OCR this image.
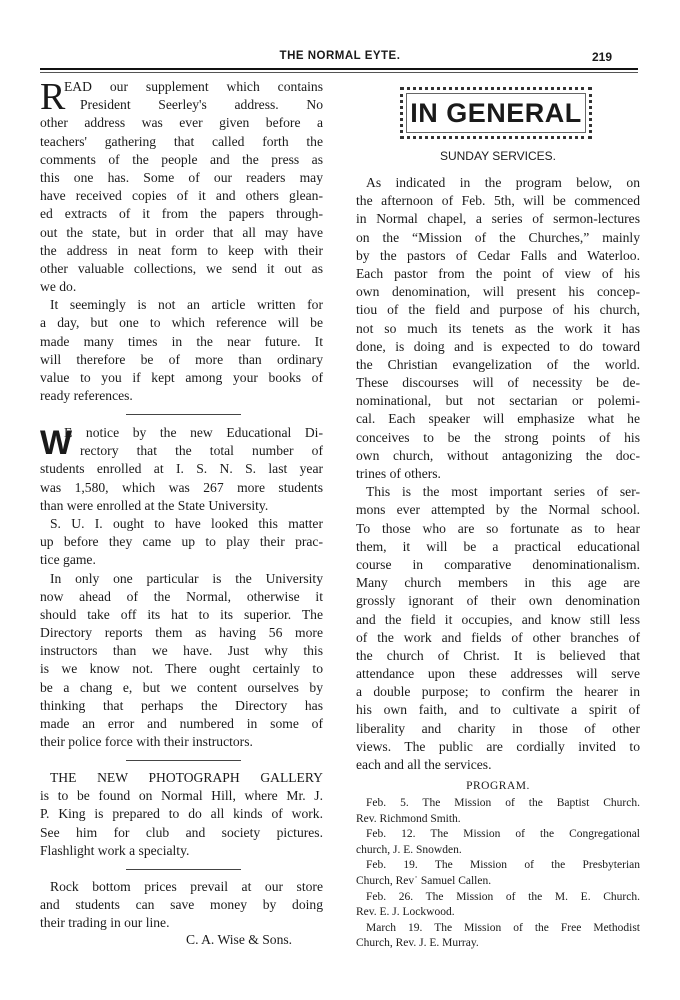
THE NORMAL EYTE.	219
R
EAD our supplement which contains
President Seerley's address. No
other address was ever given before a
teachers' gathering that called forth the
comments of the people and the press as
this one has. Some of our readers may
have received copies of it and others glean-
ed extracts of it from the papers through-
out the state, but in order that all may have
the address in neat form to keep with their
other valuable collections, we send it out as
we do.
It seemingly is not an article written for
a day, but one to which reference will be
made many times in the near future. It
will therefore be of more than ordinary
value to you if kept among your books of
ready references.
W
E notice by the new Educational Di-
rectory that the total number of
students enrolled at I. S. N. S. last year
was 1,580, which was 267 more students
than were enrolled at the State University.
S. U. I. ought to have looked this matter
up before they came up to play their prac-
tice game.
In only one particular is the University
now ahead of the Normal, otherwise it
should take off its hat to its superior. The
Directory reports them as having 56 more
instructors than we have. Just why this
is we know not. There ought certainly to
be a chang e, but we content ourselves by
thinking that perhaps the Directory has
made an error and numbered in some of
their police force with their instructors.
THE NEW PHOTOGRAPH GALLERY
is to be found on Normal Hill, where Mr. J.
P. King is prepared to do all kinds of work.
See him for club and society pictures.
Flashlight work a specialty.
Rock bottom prices prevail at our store
and students can save money by doing
their trading in our line.
C. A. Wise & Sons.
IN GENERAL
SUNDAY SERVICES.
As indicated in the program below, on
the afternoon of Feb. 5th, will be commenced
in Normal chapel, a series of sermon-lectures
on the “Mission of the Churches,” mainly
by the pastors of Cedar Falls and Waterloo.
Each pastor from the point of view of his
own denomination, will present his concep-
tiou of the field and purpose of his church,
not so much its tenets as the work it has
done, is doing and is expected to do toward
the Christian evangelization of the world.
These discourses will of necessity be de-
nominational, but not sectarian or polemi-
cal. Each speaker will emphasize what he
conceives to be the strong points of his
own church, without antagonizing the doc-
trines of others.
This is the most important series of ser-
mons ever attempted by the Normal school.
To those who are so fortunate as to hear
them, it will be a practical educational
course in comparative denominationalism.
Many church members in this age are
grossly ignorant of their own denomination
and the field it occupies, and know still less
of the work and fields of other branches of
the church of Christ. It is believed that
attendance upon these addresses will serve
a double purpose; to confirm the hearer in
his own faith, and to cultivate a spirit of
liberality and charity in those of other
views. The public are cordially invited to
each and all the services.
PROGRAM.
Feb. 5. The Mission of the Baptist Church.
Rev. Richmond Smith.
Feb. 12. The Mission of the Congregational
church, J. E. Snowden.
Feb. 19. The Mission of the Presbyterian
Church, Rev˙ Samuel Callen.
Feb. 26. The Mission of the M. E. Church.
Rev. E. J. Lockwood.
March 19. The Mission of the Free Methodist
Church, Rev. J. E. Murray.
